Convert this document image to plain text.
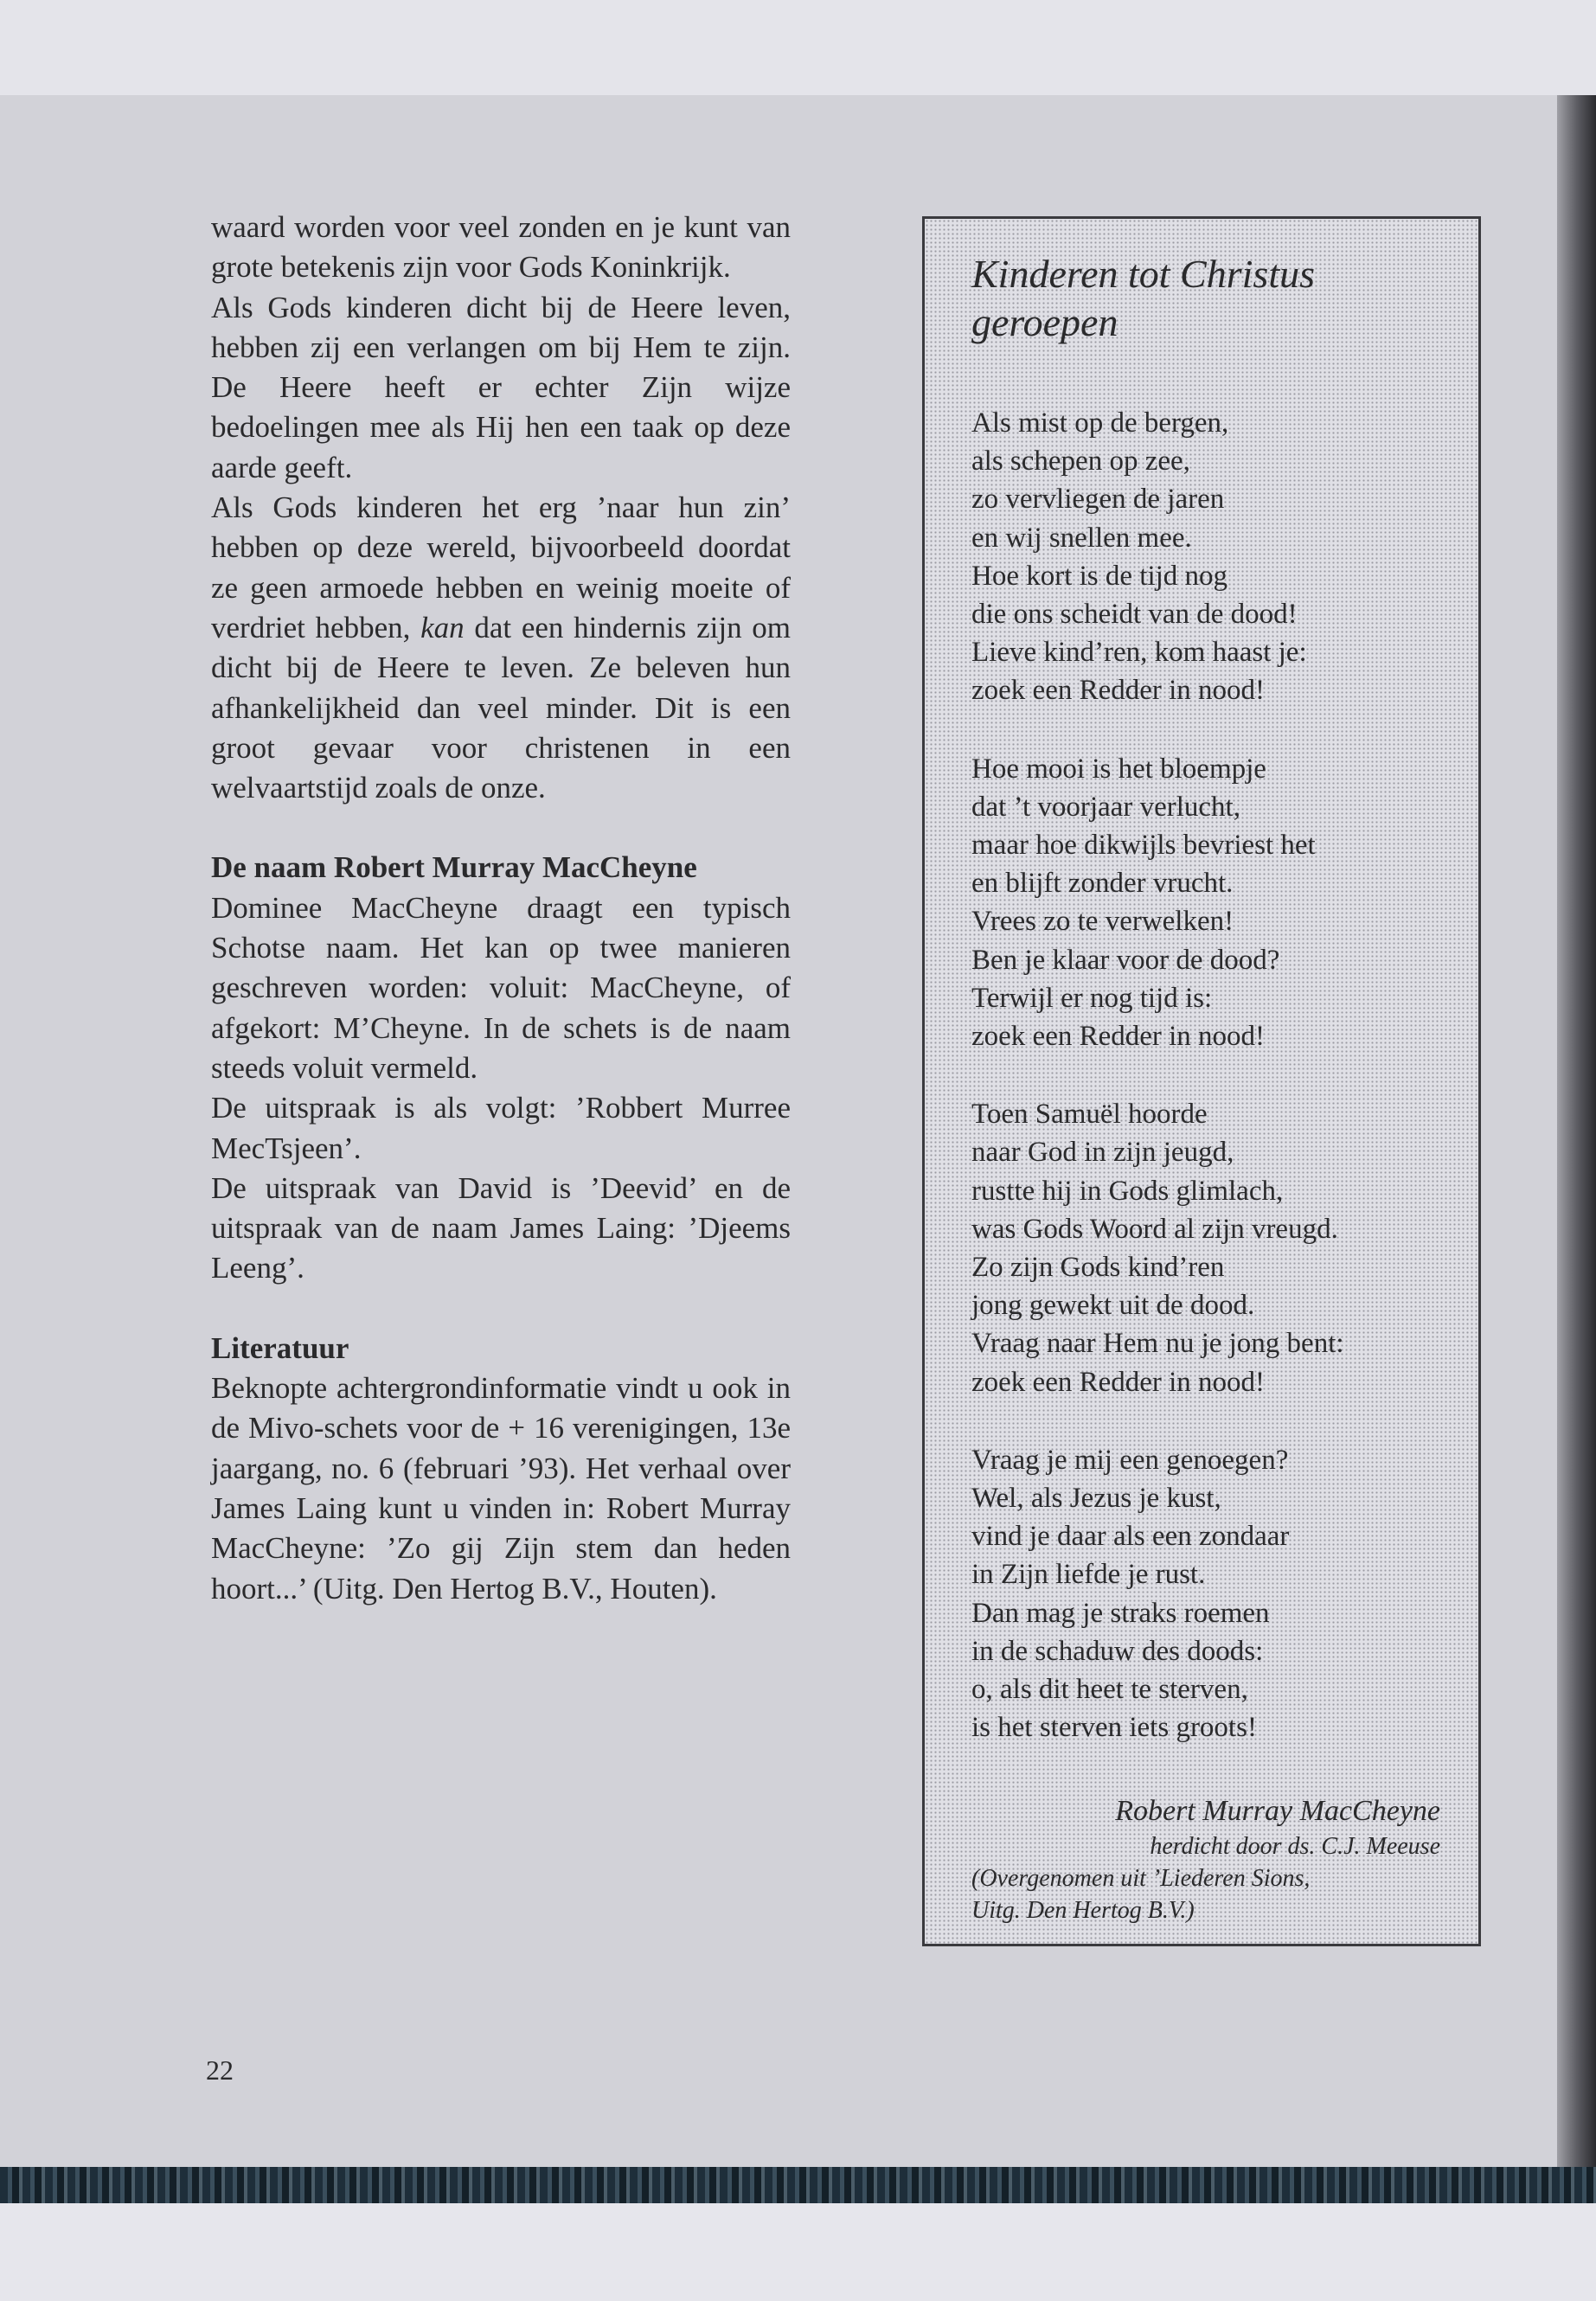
waard worden voor veel zonden en je kunt van grote betekenis zijn voor Gods Koninkrijk.

Als Gods kinderen dicht bij de Heere leven, hebben zij een verlangen om bij Hem te zijn. De Heere heeft er echter Zijn wijze bedoelingen mee als Hij hen een taak op deze aarde geeft.

Als Gods kinderen het erg ’naar hun zin’ hebben op deze wereld, bijvoorbeeld doordat ze geen armoede hebben en weinig moeite of verdriet hebben, kan dat een hindernis zijn om dicht bij de Heere te leven. Ze beleven hun afhankelijkheid dan veel minder. Dit is een groot gevaar voor christenen in een welvaartstijd zoals de onze.

De naam Robert Murray MacCheyne

Dominee MacCheyne draagt een typisch Schotse naam. Het kan op twee manieren geschreven worden: voluit: MacCheyne, of afgekort: M’Cheyne. In de schets is de naam steeds voluit vermeld.

De uitspraak is als volgt: ’Robbert Murree MecTsjeen’.

De uitspraak van David is ’Deevid’ en de uitspraak van de naam James Laing: ’Djeems Leeng’.

Literatuur

Beknopte achtergrondinformatie vindt u ook in de Mivo-schets voor de + 16 verenigingen, 13e jaargang, no. 6 (februari ’93). Het verhaal over James Laing kunt u vinden in: Robert Murray MacCheyne: ’Zo gij Zijn stem dan heden hoort...’ (Uitg. Den Hertog B.V., Houten).

Kinderen tot Christus geroepen

Als mist op de bergen,
als schepen op zee,
zo vervliegen de jaren
en wij snellen mee.
Hoe kort is de tijd nog
die ons scheidt van de dood!
Lieve kind’ren, kom haast je:
zoek een Redder in nood!

Hoe mooi is het bloempje
dat ’t voorjaar verlucht,
maar hoe dikwijls bevriest het
en blijft zonder vrucht.
Vrees zo te verwelken!
Ben je klaar voor de dood?
Terwijl er nog tijd is:
zoek een Redder in nood!

Toen Samuël hoorde
naar God in zijn jeugd,
rustte hij in Gods glimlach,
was Gods Woord al zijn vreugd.
Zo zijn Gods kind’ren
jong gewekt uit de dood.
Vraag naar Hem nu je jong bent:
zoek een Redder in nood!

Vraag je mij een genoegen?
Wel, als Jezus je kust,
vind je daar als een zondaar
in Zijn liefde je rust.
Dan mag je straks roemen
in de schaduw des doods:
o, als dit heet te sterven,
is het sterven iets groots!

Robert Murray MacCheyne
herdicht door ds. C.J. Meeuse
(Overgenomen uit ’Liederen Sions,
Uitg. Den Hertog B.V.)
22
